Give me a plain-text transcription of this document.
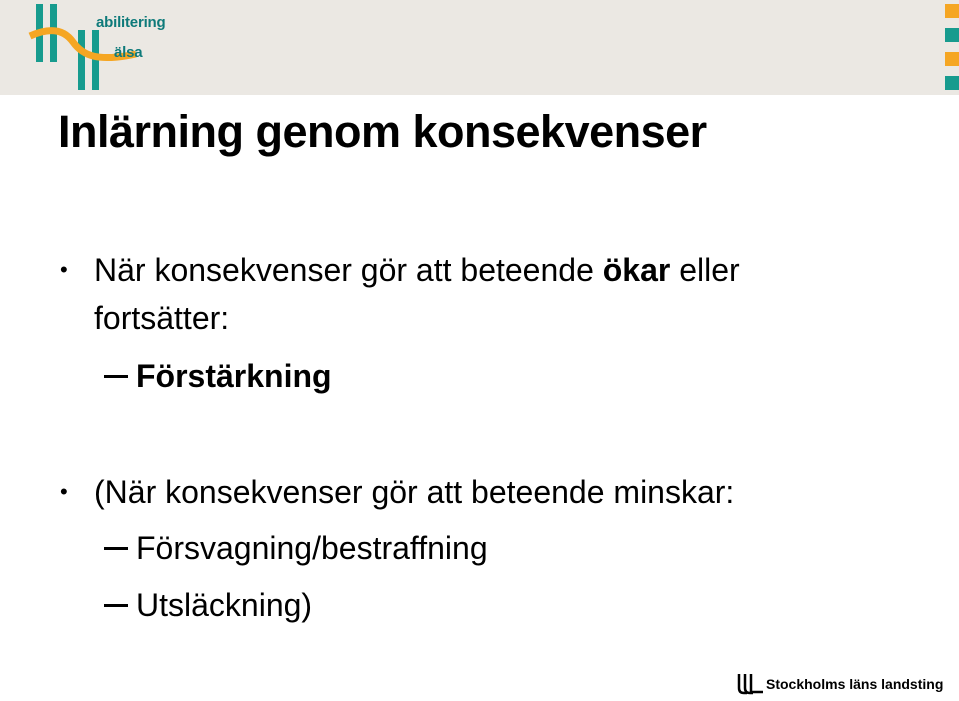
abilitering
älsa
Inlärning genom konsekvenser
• När konsekvenser gör att beteende ökar eller
fortsätter:
Förstärkning
• (När konsekvenser gör att beteende minskar:
Försvagning/bestraffning
Utsläckning)
Stockholms läns landsting
